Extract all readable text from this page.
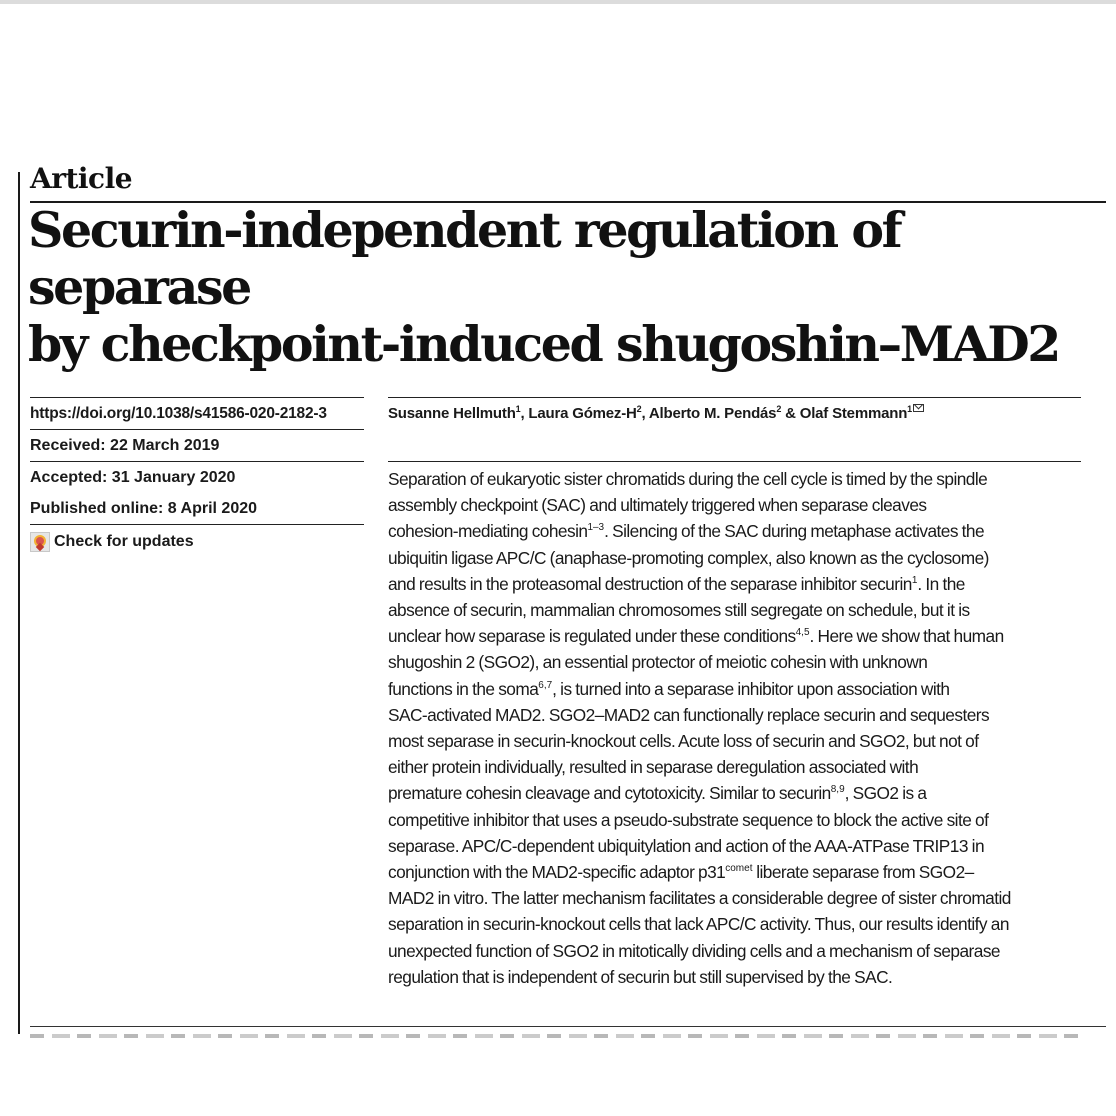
Article
Securin-independent regulation of separase
by checkpoint-induced shugoshin–MAD2
https://doi.org/10.1038/s41586-020-2182-3
Received: 22 March 2019
Accepted: 31 January 2020
Published online: 8 April 2020
Check for updates
Susanne Hellmuth$^1$, Laura Gómez-$H^2$, Alberto M. Pendás$^2$ & Olaf Stemmann$^1$

Separation of eukaryotic sister chromatids during the cell cycle is timed by the spindle
assembly checkpoint (SAC) and ultimately triggered when separase cleaves
cohesion-mediating cohesin$^{1-3}$. Silencing of the SAC during metaphase activates the
ubiquitin ligase APC/C (anaphase-promoting complex, also known as the cyclosome)
and results in the proteasomal destruction of the separase inhibitor securin$^1$. In the
absence of securin, mammalian chromosomes still segregate on schedule, but it is
unclear how separase is regulated under these conditions$^{4,5}$. Here we show that human
shugoshin 2 (SGO2), an essential protector of meiotic cohesin with unknown
functions in the soma$^{6,7}$, is turned into a separase inhibitor upon association with
SAC-activated MAD2. SGO2–MAD2 can functionally replace securin and sequesters
most separase in securin-knockout cells. Acute loss of securin and SGO2, but not of
either protein individually, resulted in separase deregulation associated with
premature cohesin cleavage and cytotoxicity. Similar to securin$^{8,9}$, SGO2 is a
competitive inhibitor that uses a pseudo-substrate sequence to block the active site of
separase. APC/C-dependent ubiquitylation and action of the AAA-ATPase TRIP13 in
conjunction with the MAD2-specific adaptor $p31^{comet}$ liberate separase from SGO2–
MAD2 in vitro. The latter mechanism facilitates a considerable degree of sister chromatid
separation in securin-knockout cells that lack APC/C activity. Thus, our results identify an
unexpected function of SGO2 in mitotically dividing cells and a mechanism of separase
regulation that is independent of securin but still supervised by the SAC.
